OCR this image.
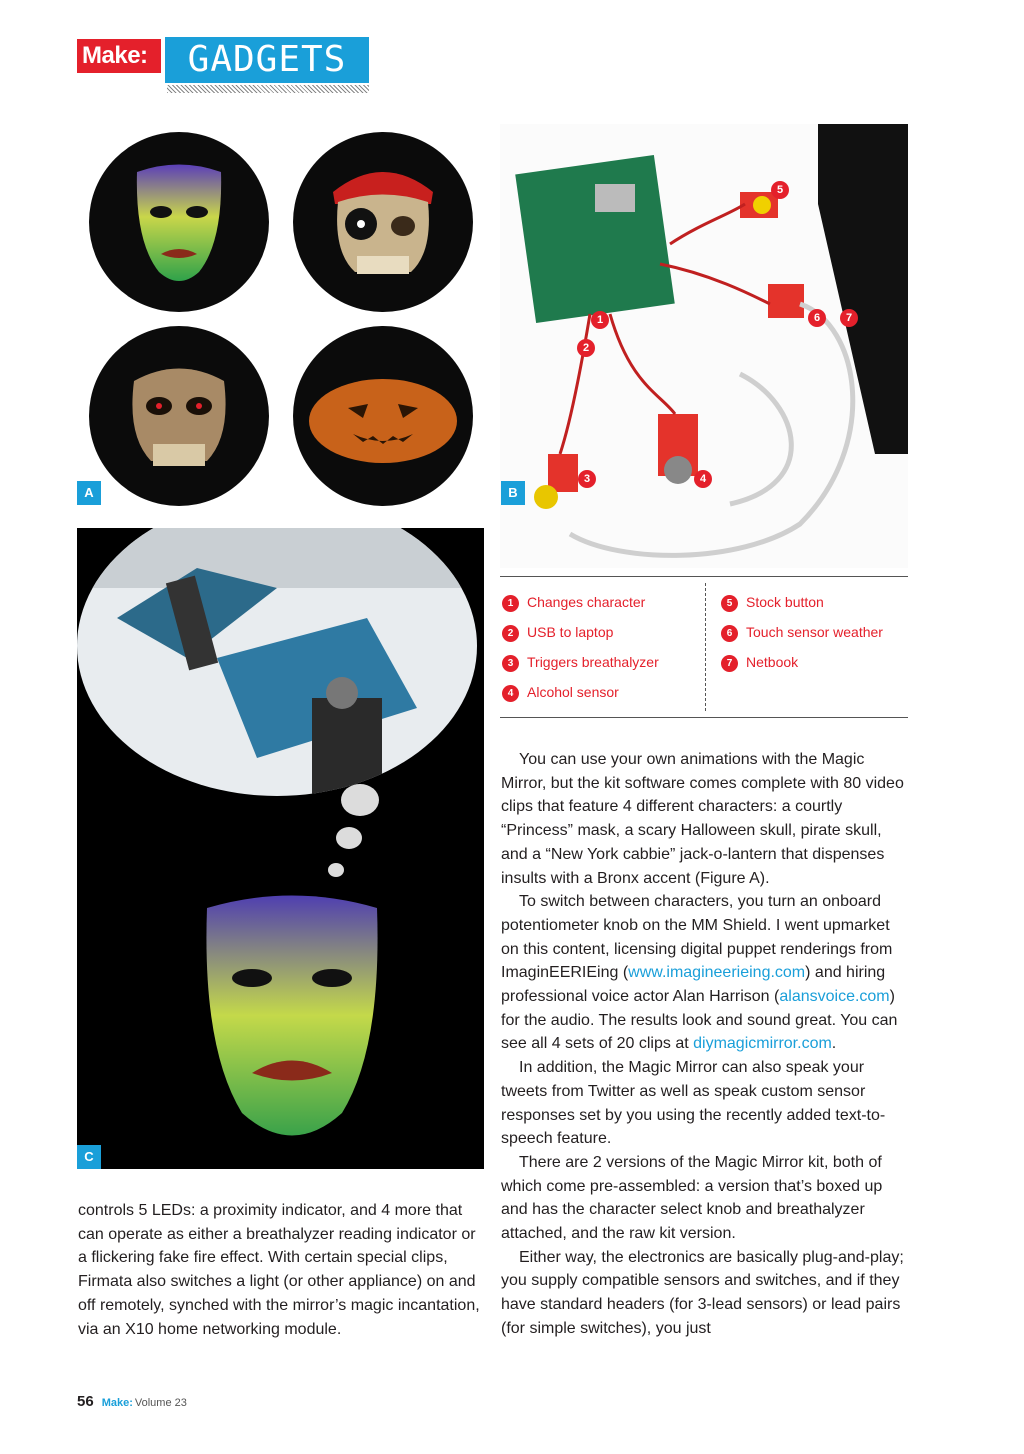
Make:	GADGETS
A
1
2
3	4
5
6	7
B
C
1 Changes character
2 USB to laptop
3 Triggers breathalyzer
4 Alcohol sensor
5 Stock button
6 Touch sensor weather
7 Netbook

You can use your own animations with the Magic Mirror, but the kit software comes complete with 80 video clips that feature 4 different characters: a courtly “Princess” mask, a scary Halloween skull, pirate skull, and a “New York cabbie” jack-o-lantern that dispenses insults with a Bronx accent (Figure A).

To switch between characters, you turn an onboard potentiometer knob on the MM Shield. I went upmarket on this content, licensing digital puppet renderings from ImaginEERIEing (www.imagineerieing.com) and hiring professional voice actor Alan Harrison (alansvoice.com) for the audio. The results look and sound great. You can see all 4 sets of 20 clips at diymagicmirror.com.

In addition, the Magic Mirror can also speak your tweets from Twitter as well as speak custom sensor responses set by you using the recently added text-to-speech feature.

There are 2 versions of the Magic Mirror kit, both of which come pre-assembled: a version that’s boxed up and has the character select knob and breathalyzer attached, and the raw kit version.

Either way, the electronics are basically plug-and-play; you supply compatible sensors and switches, and if they have standard headers (for 3-lead sensors) or lead pairs (for simple switches), you just

controls 5 LEDs: a proximity indicator, and 4 more that can operate as either a breathalyzer reading indicator or a flickering fake fire effect. With certain special clips, Firmata also switches a light (or other appliance) on and off remotely, synched with the mirror’s magic incantation, via an X10 home networking module.

56 Make: Volume 23
